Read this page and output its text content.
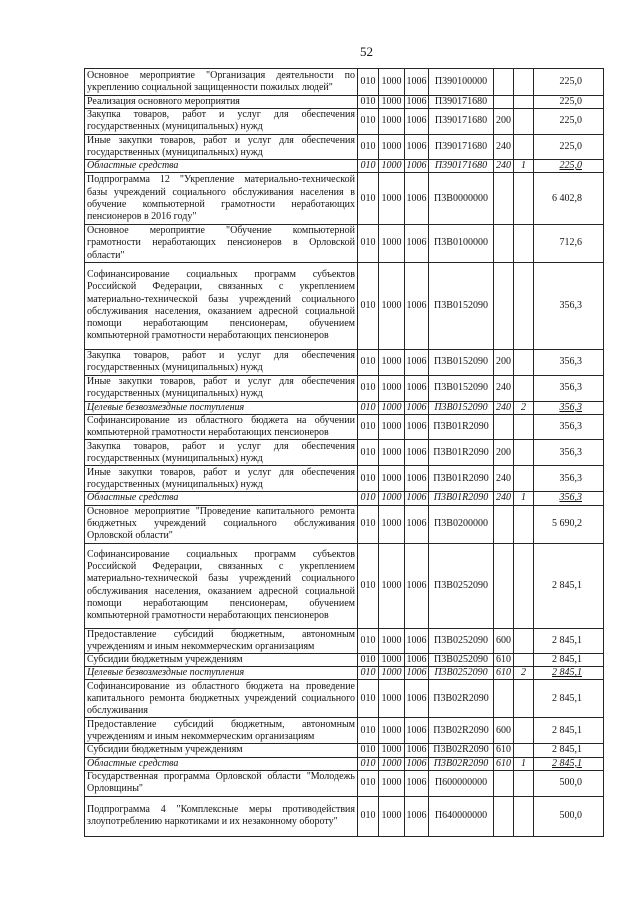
52
Основное мероприятие "Организация деятельности по укреплению социальной защищенности пожилых людей"	010	1000	1006	П390100000			225,0
Реализация основного мероприятия	010	1000	1006	П390171680			225,0
Закупка товаров, работ и услуг для обеспечения государственных (муниципальных) нужд	010	1000	1006	П390171680	200		225,0
Иные закупки товаров, работ и услуг для обеспечения государственных (муниципальных) нужд	010	1000	1006	П390171680	240		225,0
Областные средства	010	1000	1006	П390171680	240	1	225,0
Подпрограмма 12 "Укрепление материально-технической базы учреждений социального обслуживания населения в обучение компьютерной грамотности неработающих пенсионеров в 2016 году"	010	1000	1006	П3В0000000			6 402,8
Основное мероприятие "Обучение компьютерной грамотности неработающих пенсионеров в Орловской области"	010	1000	1006	П3В0100000			712,6
Софинансирование социальных программ субъектов Российской Федерации, связанных с укреплением материально-технической базы учреждений социального обслуживания населения, оказанием адресной социальной помощи неработающим пенсионерам, обучением компьютерной грамотности неработающих пенсионеров	010	1000	1006	П3В0152090			356,3
Закупка товаров, работ и услуг для обеспечения государственных (муниципальных) нужд	010	1000	1006	П3В0152090	200		356,3
Иные закупки товаров, работ и услуг для обеспечения государственных (муниципальных) нужд	010	1000	1006	П3В0152090	240		356,3
Целевые безвозмездные поступления	010	1000	1006	П3В0152090	240	2	356,3
Софинансирование из областного бюджета на обучении компьютерной грамотности неработающих пенсионеров	010	1000	1006	П3В01R2090			356,3
Закупка товаров, работ и услуг для обеспечения государственных (муниципальных) нужд	010	1000	1006	П3В01R2090	200		356,3
Иные закупки товаров, работ и услуг для обеспечения государственных (муниципальных) нужд	010	1000	1006	П3В01R2090	240		356,3
Областные средства	010	1000	1006	П3В01R2090	240	1	356,3
Основное мероприятие "Проведение капитального ремонта бюджетных учреждений социального обслуживания Орловской области"	010	1000	1006	П3В0200000			5 690,2
Софинансирование социальных программ субъектов Российской Федерации, связанных с укреплением материально-технической базы учреждений социального обслуживания населения, оказанием адресной социальной помощи неработающим пенсионерам, обучением компьютерной грамотности неработающих пенсионеров	010	1000	1006	П3В0252090			2 845,1
Предоставление субсидий бюджетным, автономным учреждениям и иным некоммерческим организациям	010	1000	1006	П3В0252090	600		2 845,1
Субсидии бюджетным учреждениям	010	1000	1006	П3В0252090	610		2 845,1
Целевые безвозмездные поступления	010	1000	1006	П3В0252090	610	2	2 845,1
Софинансирование из областного бюджета на проведение капитального ремонта бюджетных учреждений социального обслуживания	010	1000	1006	П3В02R2090			2 845,1
Предоставление субсидий бюджетным, автономным учреждениям и иным некоммерческим организациям	010	1000	1006	П3В02R2090	600		2 845,1
Субсидии бюджетным учреждениям	010	1000	1006	П3В02R2090	610		2 845,1
Областные средства	010	1000	1006	П3В02R2090	610	1	2 845,1
Государственная программа Орловской области "Молодежь Орловщины"	010	1000	1006	П600000000			500,0
Подпрограмма 4 "Комплексные меры противодействия злоупотреблению наркотиками и их незаконному обороту"	010	1000	1006	П640000000			500,0
